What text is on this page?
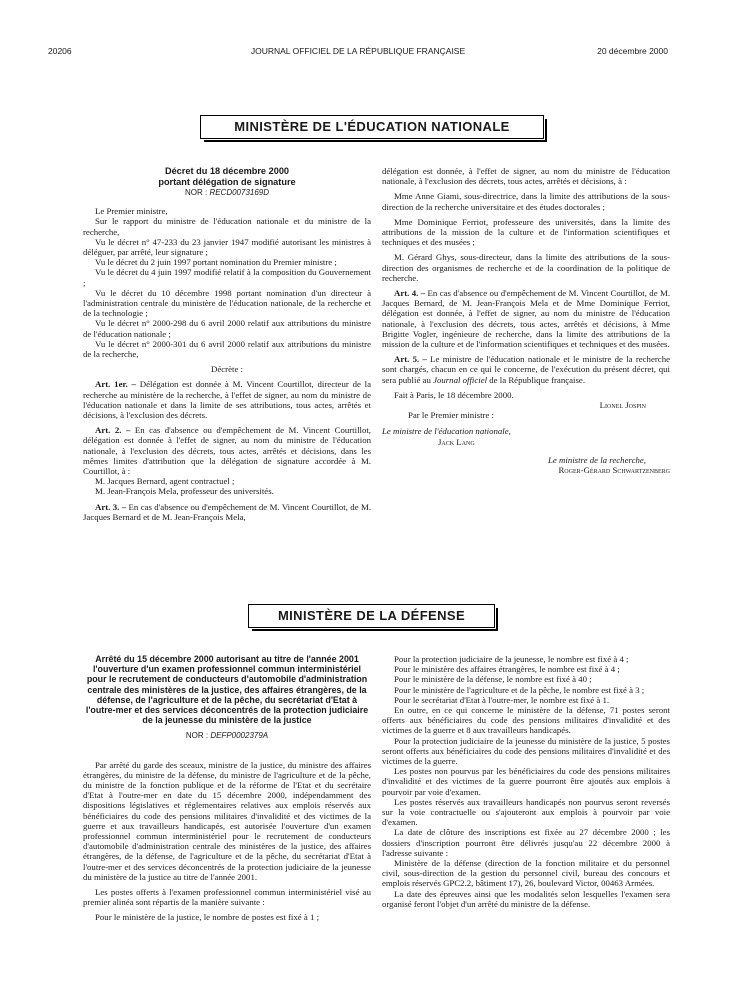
20206	JOURNAL OFFICIEL DE LA RÉPUBLIQUE FRANÇAISE	20 décembre 2000
MINISTÈRE DE L'ÉDUCATION NATIONALE
Décret du 18 décembre 2000
portant délégation de signature
NOR : RECD0073169D

Le Premier ministre,

Sur le rapport du ministre de l'éducation nationale et du ministre de la recherche,

Vu le décret n° 47-233 du 23 janvier 1947 modifié autorisant les ministres à déléguer, par arrêté, leur signature ;

Vu le décret du 2 juin 1997 portant nomination du Premier ministre ;

Vu le décret du 4 juin 1997 modifié relatif à la composition du Gouvernement ;

Vu le décret du 10 décembre 1998 portant nomination d'un directeur à l'administration centrale du ministère de l'éducation nationale, de la recherche et de la technologie ;

Vu le décret n° 2000-298 du 6 avril 2000 relatif aux attributions du ministre de l'éducation nationale ;

Vu le décret n° 2000-301 du 6 avril 2000 relatif aux attributions du ministre de la recherche,

Décrète :

Art. 1er. – Délégation est donnée à M. Vincent Courtillot, directeur de la recherche au ministère de la recherche, à l'effet de signer, au nom du ministre de l'éducation nationale et dans la limite de ses attributions, tous actes, arrêtés et décisions, à l'exclusion des décrets.

Art. 2. – En cas d'absence ou d'empêchement de M. Vincent Courtillot, délégation est donnée à l'effet de signer, au nom du ministre de l'éducation nationale, à l'exclusion des décrets, tous actes, arrêtés et décisions, dans les mêmes limites d'attribution que la délégation de signature accordée à M. Courtillot, à :

M. Jacques Bernard, agent contractuel ;

M. Jean-François Mela, professeur des universités.

Art. 3. – En cas d'absence ou d'empêchement de M. Vincent Courtillot, de M. Jacques Bernard et de M. Jean-François Mela,

délégation est donnée, à l'effet de signer, au nom du ministre de l'éducation nationale, à l'exclusion des décrets, tous actes, arrêtés et décisions, à :

Mme Anne Giami, sous-directrice, dans la limite des attributions de la sous-direction de la recherche universitaire et des études doctorales ;

Mme Dominique Ferriot, professeure des universités, dans la limite des attributions de la mission de la culture et de l'information scientifiques et techniques et des musées ;

M. Gérard Ghys, sous-directeur, dans la limite des attributions de la sous-direction des organismes de recherche et de la coordination de la politique de recherche.

Art. 4. – En cas d'absence ou d'empêchement de M. Vincent Courtillot, de M. Jacques Bernard, de M. Jean-François Mela et de Mme Dominique Ferriot, délégation est donnée, à l'effet de signer, au nom du ministre de l'éducation nationale, à l'exclusion des décrets, tous actes, arrêtés et décisions, à Mme Brigitte Vogler, ingénieure de recherche, dans la limite des attributions de la mission de la culture et de l'information scientifiques et techniques et des musées.

Art. 5. – Le ministre de l'éducation nationale et le ministre de la recherche sont chargés, chacun en ce qui le concerne, de l'exécution du présent décret, qui sera publié au Journal officiel de la République française.

Fait à Paris, le 18 décembre 2000.

Lionel Jospin
Par le Premier ministre :
Le ministre de l'éducation nationale,
Jack Lang
Le ministre de la recherche,
Roger-Gérard Schwartzenberg
MINISTÈRE DE LA DÉFENSE
Arrêté du 15 décembre 2000 autorisant au titre de l'année 2001 l'ouverture d'un examen professionnel commun interministériel pour le recrutement de conducteurs d'automobile d'administration centrale des ministères de la justice, des affaires étrangères, de la défense, de l'agriculture et de la pêche, du secrétariat d'Etat à l'outre-mer et des services déconcentrés de la protection judiciaire de la jeunesse du ministère de la justice
NOR : DEFP0002379A

Par arrêté du garde des sceaux, ministre de la justice, du ministre des affaires étrangères, du ministre de la défense, du ministre de l'agriculture et de la pêche, du ministre de la fonction publique et de la réforme de l'Etat et du secrétaire d'Etat à l'outre-mer en date du 15 décembre 2000, indépendamment des dispositions législatives et réglementaires relatives aux emplois réservés aux bénéficiaires du code des pensions militaires d'invalidité et des victimes de la guerre et aux travailleurs handicapés, est autorisée l'ouverture d'un examen professionnel commun interministériel pour le recrutement de conducteurs d'automobile d'administration centrale des ministères de la justice, des affaires étrangères, de la défense, de l'agriculture et de la pêche, du secrétariat d'Etat à l'outre-mer et des services déconcentrés de la protection judiciaire de la jeunesse du ministère de la justice au titre de l'année 2001.

Les postes offerts à l'examen professionnel commun interministériel visé au premier alinéa sont répartis de la manière suivante :

Pour le ministère de la justice, le nombre de postes est fixé à 1 ;

Pour la protection judiciaire de la jeunesse, le nombre est fixé à 4 ;

Pour le ministère des affaires étrangères, le nombre est fixé à 4 ;

Pour le ministère de la défense, le nombre est fixé à 40 ;

Pour le ministère de l'agriculture et de la pêche, le nombre est fixé à 3 ;

Pour le secrétariat d'Etat à l'outre-mer, le nombre est fixé à 1.

En outre, en ce qui concerne le ministère de la défense, 71 postes seront offerts aux bénéficiaires du code des pensions militaires d'invalidité et des victimes de la guerre et 8 aux travailleurs handicapés.

Pour la protection judiciaire de la jeunesse du ministère de la justice, 5 postes seront offerts aux bénéficiaires du code des pensions militaires d'invalidité et des victimes de la guerre.

Les postes non pourvus par les bénéficiaires du code des pensions militaires d'invalidité et des victimes de la guerre pourront être ajoutés aux emplois à pourvoir par voie d'examen.

Les postes réservés aux travailleurs handicapés non pourvus seront reversés sur la voie contractuelle ou s'ajouteront aux emplois à pourvoir par voie d'examen.

La date de clôture des inscriptions est fixée au 27 décembre 2000 ; les dossiers d'inscription pourront être délivrés jusqu'au 22 décembre 2000 à l'adresse suivante :

Ministère de la défense (direction de la fonction militaire et du personnel civil, sous-direction de la gestion du personnel civil, bureau des concours et emplois réservés GPC2.2, bâtiment 17), 26, boulevard Victor, 00463 Armées.

La date des épreuves ainsi que les modalités selon lesquelles l'examen sera organisé feront l'objet d'un arrêté du ministre de la défense.
